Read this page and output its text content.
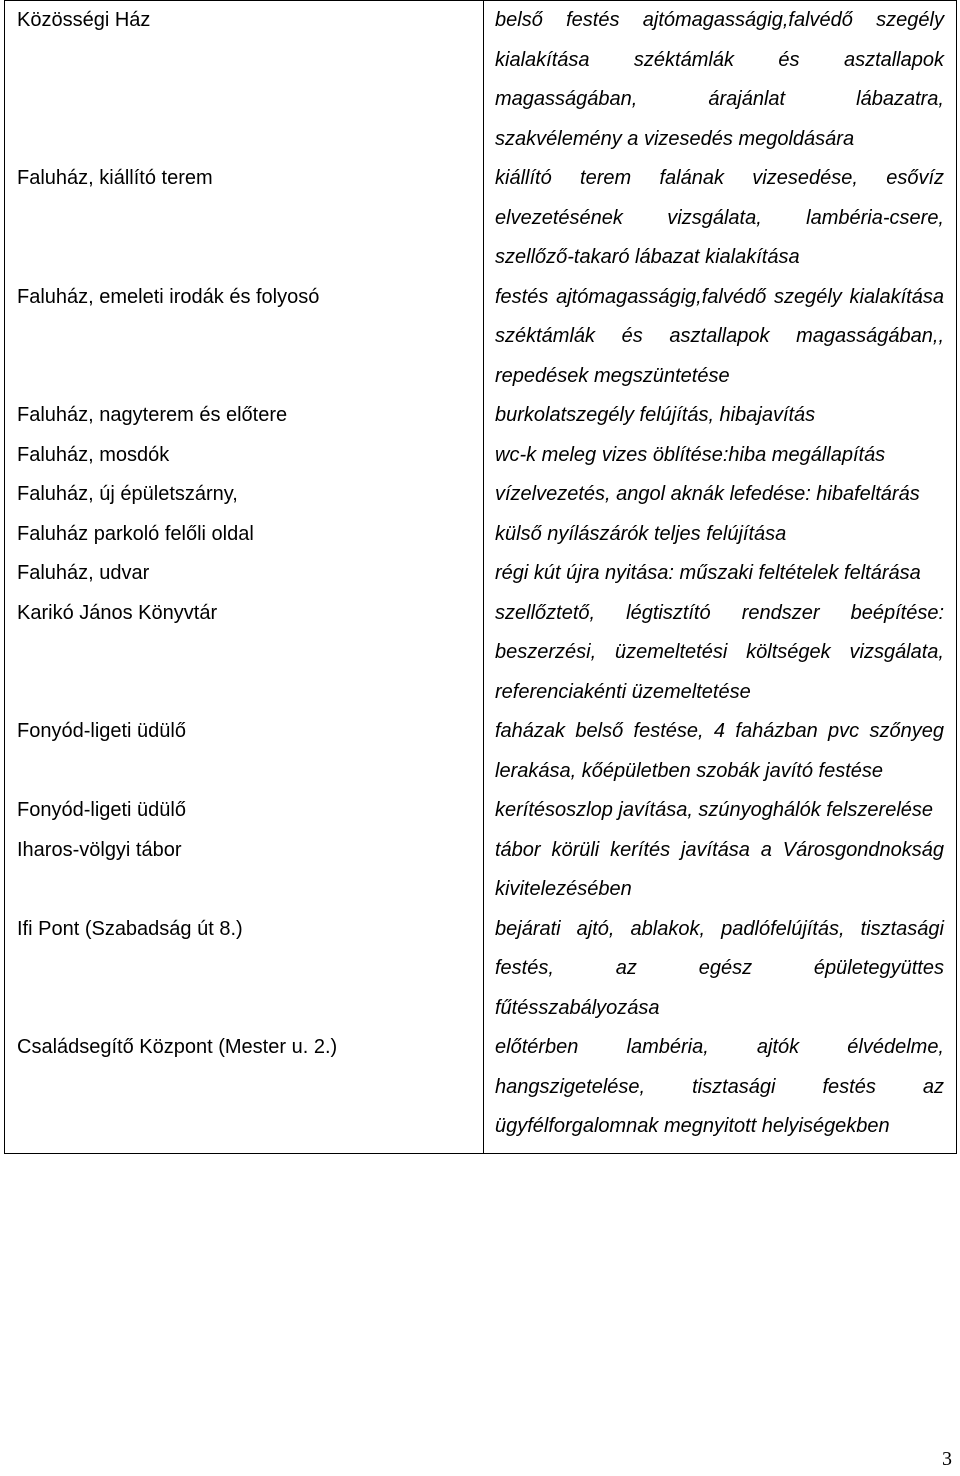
Közösségi Ház	belső festés ajtómagasságig,falvédő szegély kialakítása széktámlák és asztallapok magasságában, árajánlat lábazatra, szakvélemény a vizesedés megoldására
Faluház, kiállító terem	kiállító terem falának vizesedése, esővíz elvezetésének vizsgálata, lambéria-csere, szellőző-takaró lábazat kialakítása
Faluház, emeleti irodák és folyosó	festés ajtómagasságig,falvédő szegély kialakítása széktámlák és asztallapok magasságában,, repedések megszüntetése
Faluház, nagyterem és előtere	burkolatszegély felújítás, hibajavítás
Faluház, mosdók	wc-k meleg vizes öblítése:hiba megállapítás
Faluház, új épületszárny,	vízelvezetés, angol aknák lefedése: hibafeltárás
Faluház parkoló felőli oldal	külső nyílászárók teljes felújítása
Faluház, udvar	régi kút újra nyitása: műszaki feltételek feltárása
Karikó János Könyvtár	szellőztető, légtisztító rendszer beépítése: beszerzési, üzemeltetési költségek vizsgálata, referenciakénti üzemeltetése
Fonyód-ligeti üdülő	faházak belső festése, 4 faházban pvc szőnyeg lerakása, kőépületben szobák javító festése
Fonyód-ligeti üdülő	kerítésoszlop javítása, szúnyoghálók felszerelése
Iharos-völgyi tábor	tábor körüli kerítés javítása a Városgondnokság kivitelezésében
Ifi Pont (Szabadság út 8.)	bejárati ajtó, ablakok, padlófelújítás, tisztasági festés, az egész épületegyüttes fűtésszabályozása
Családsegítő Központ (Mester u. 2.)	előtérben lambéria, ajtók élvédelme, hangszigetelése, tisztasági festés az ügyfélforgalomnak megnyitott helyiségekben
3
